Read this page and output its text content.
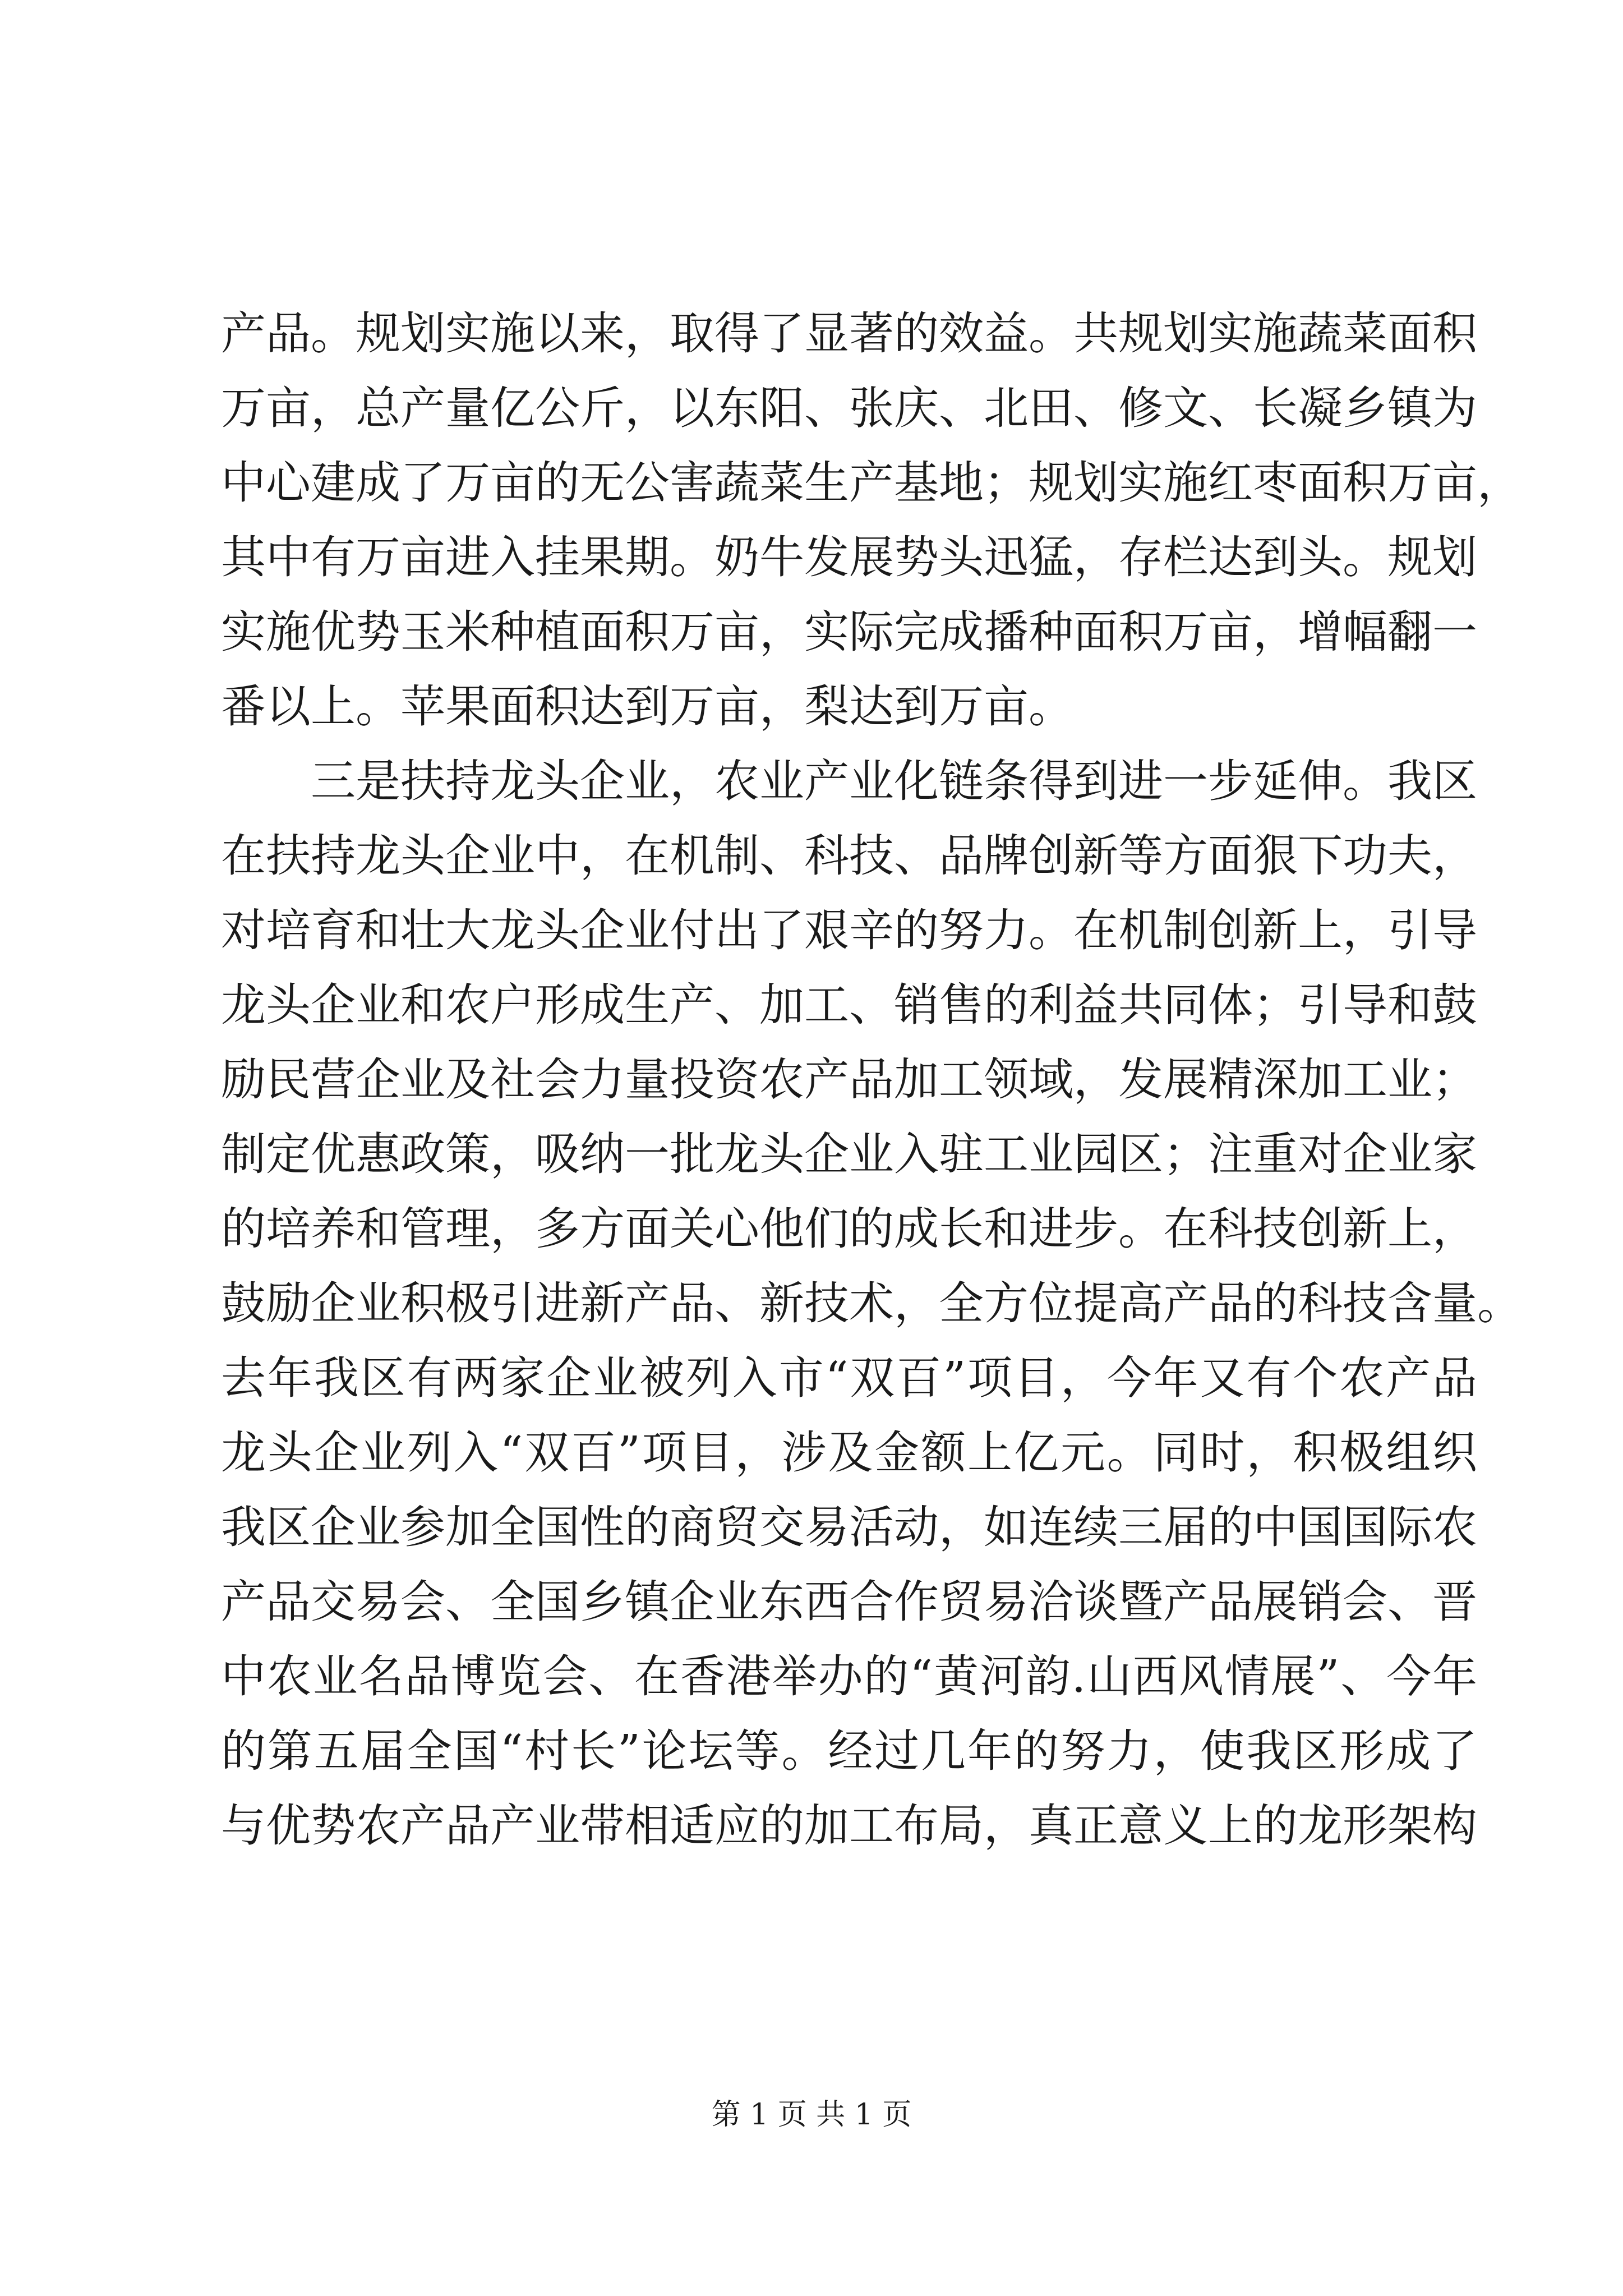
产品。规划实施以来，取得了显著的效益。共规划实施蔬菜面积
万亩，总产量亿公斤，以东阳、张庆、北田、修文、长凝乡镇为
中心建成了万亩的无公害蔬菜生产基地；规划实施红枣面积万亩，
其中有万亩进入挂果期。奶牛发展势头迅猛，存栏达到头。规划
实施优势玉米种植面积万亩，实际完成播种面积万亩，增幅翻一
番以上。苹果面积达到万亩，梨达到万亩。
三是扶持龙头企业，农业产业化链条得到进一步延伸。我区
在扶持龙头企业中，在机制、科技、品牌创新等方面狠下功夫，
对培育和壮大龙头企业付出了艰辛的努力。在机制创新上，引导
龙头企业和农户形成生产、加工、销售的利益共同体；引导和鼓
励民营企业及社会力量投资农产品加工领域，发展精深加工业；
制定优惠政策，吸纳一批龙头企业入驻工业园区；注重对企业家
的培养和管理，多方面关心他们的成长和进步。在科技创新上，
鼓励企业积极引进新产品、新技术，全方位提高产品的科技含量。
去年我区有两家企业被列入市“双百”项目，今年又有个农产品
龙头企业列入“双百”项目，涉及金额上亿元。同时，积极组织
我区企业参加全国性的商贸交易活动，如连续三届的中国国际农
产品交易会、全国乡镇企业东西合作贸易洽谈暨产品展销会、晋
中农业名品博览会、在香港举办的“黄河韵.山西风情展”、今年
的第五届全国“村长”论坛等。经过几年的努力，使我区形成了
与优势农产品产业带相适应的加工布局，真正意义上的龙形架构
第 1 页 共 1 页
